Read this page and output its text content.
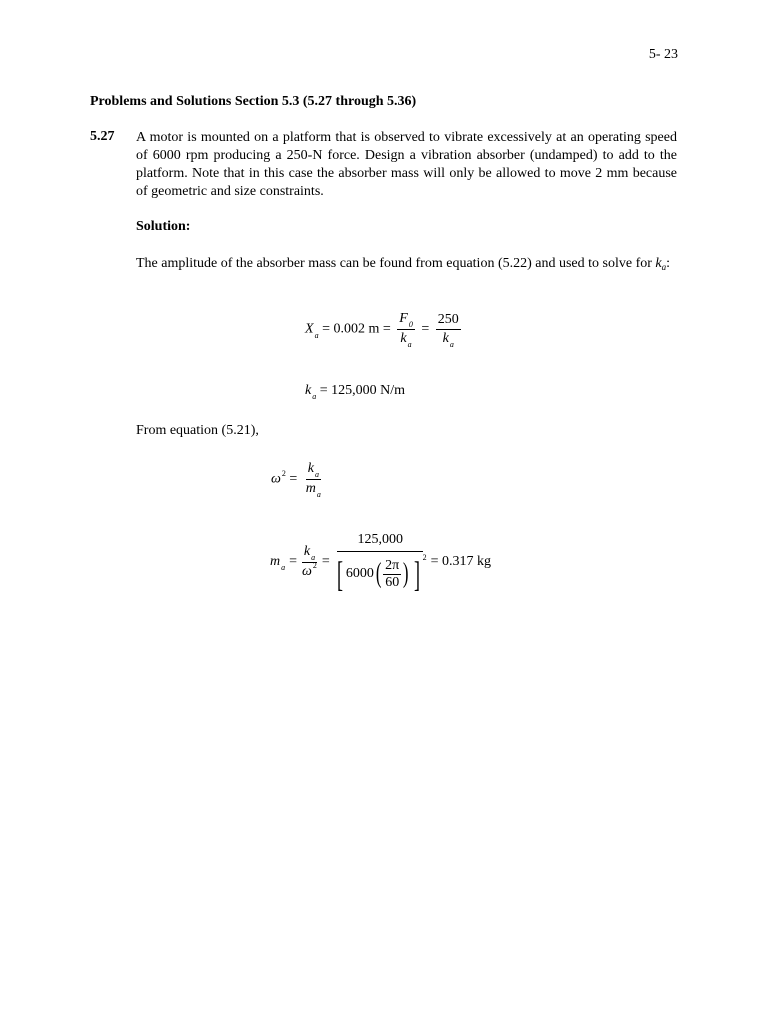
5- 23
Problems and Solutions Section 5.3 (5.27 through 5.36)
5.27 A motor is mounted on a platform that is observed to vibrate excessively at an operating speed of 6000 rpm producing a 250-N force. Design a vibration absorber (undamped) to add to the platform. Note that in this case the absorber mass will only be allowed to move 2 mm because of geometric and size constraints.
Solution:
The amplitude of the absorber mass can be found from equation (5.22) and used to solve for $k_a$:
$X_a = 0.002$ $m = \frac{F_0}{k_a} = \frac{250}{k_a}$
$k_a = 125,000$ N/m
From equation (5.21),
$\omega^2 = \frac{k_a}{m_a}$
m $a = \frac{k_a}{\omega^2}$ =
125,000
[ 6000 ( $\frac{2\pi}{60}$ ) ] 2 = 0.317 kg
